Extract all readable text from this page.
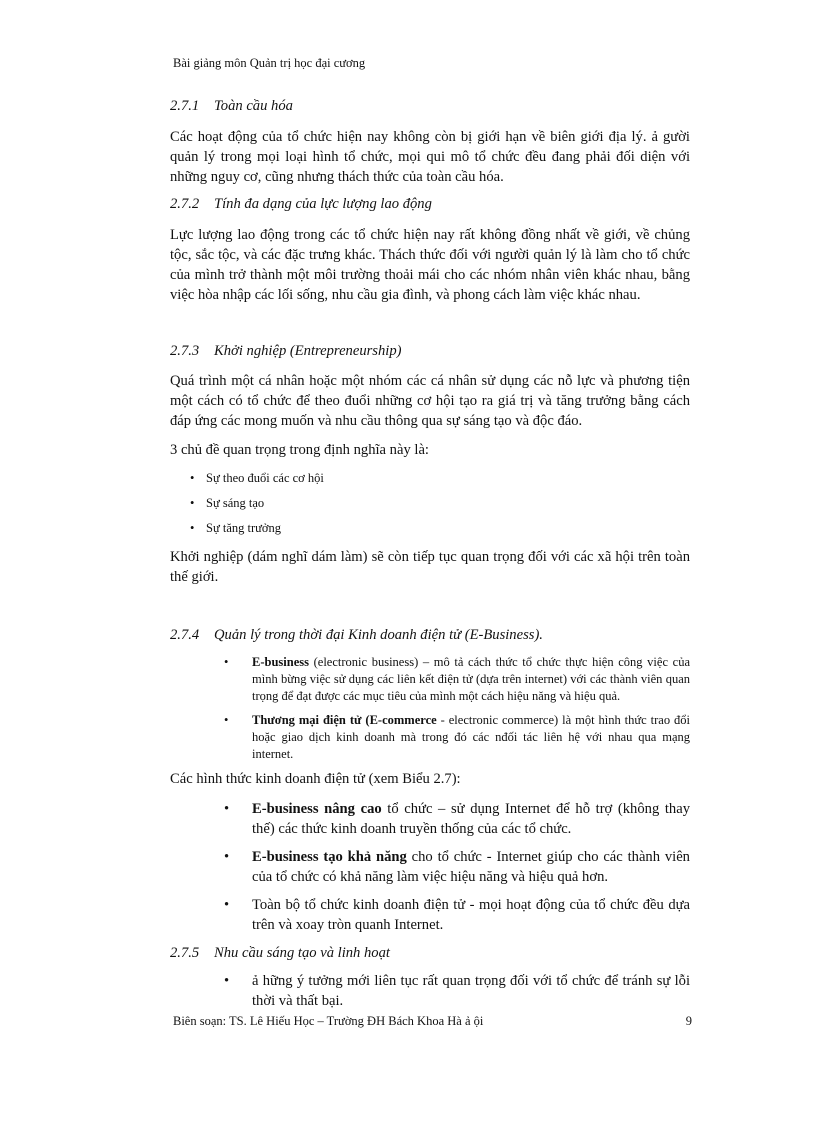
Bài giảng môn Quản trị học đại cương
2.7.1 Toàn cầu hóa

Các hoạt động của tổ chức hiện nay không còn bị giới hạn về biên giới địa lý. ả gười quản lý trong mọi loại hình tổ chức, mọi qui mô tổ chức đều đang phải đối diện với những nguy cơ, cũng nhưng thách thức của toàn cầu hóa.

2.7.2 Tính đa dạng của lực lượng lao động

Lực lượng lao động trong các tổ chức hiện nay rất không đồng nhất về giới, về chủng tộc, sắc tộc, và các đặc trưng khác. Thách thức đối với người quản lý là làm cho tổ chức của mình trở thành một môi trường thoải mái cho các nhóm nhân viên khác nhau, bằng việc hòa nhập các lối sống, nhu cầu gia đình, và phong cách làm việc khác nhau.

2.7.3 Khởi nghiệp (Entrepreneurship)

Quá trình một cá nhân hoặc một nhóm các cá nhân sử dụng các nỗ lực và phương tiện một cách có tổ chức để theo đuổi những cơ hội tạo ra giá trị và tăng trưởng bằng cách đáp ứng các mong muốn và nhu cầu thông qua sự sáng tạo và độc đáo.

3 chủ đề quan trọng trong định nghĩa này là:

• Sự theo đuổi các cơ hội
• Sự sáng tạo
• Sự tăng trưởng

Khởi nghiệp (dám nghĩ dám làm) sẽ còn tiếp tục quan trọng đối với các xã hội trên toàn thế giới.

2.7.4 Quản lý trong thời đại Kinh doanh điện tử (E-Business).
• E-business (electronic business) – mô tả cách thức tổ chức thực hiện công việc của mình bừng việc sử dụng các liên kết điện tử (dựa trên internet) với các thành viên quan trọng để đạt được các mục tiêu của mình một cách hiệu năng và hiệu quả.
• Thương mại điện tử (E-commerce - electronic commerce) là một hình thức trao đổi hoặc giao dịch kinh doanh mà trong đó các nđối tác liên hệ với nhau qua mạng internet.

Các hình thức kinh doanh điện tử (xem Biểu 2.7):

• E-business nâng cao tổ chức – sử dụng Internet để hỗ trợ (không thay thế) các thức kinh doanh truyền thống của các tổ chức.
• E-business tạo khả năng cho tổ chức - Internet giúp cho các thành viên của tổ chức có khả năng làm việc hiệu năng và hiệu quả hơn.
• Toàn bộ tổ chức kinh doanh điện tử - mọi hoạt động của tổ chức đều dựa trên và xoay tròn quanh Internet.
2.7.5 Nhu cầu sáng tạo và linh hoạt
• ả hững ý tưởng mới liên tục rất quan trọng đối với tổ chức để tránh sự lỗi thời và thất bại.
Biên soạn: TS. Lê Hiếu Học – Trường ĐH Bách Khoa Hà ả ội	9
